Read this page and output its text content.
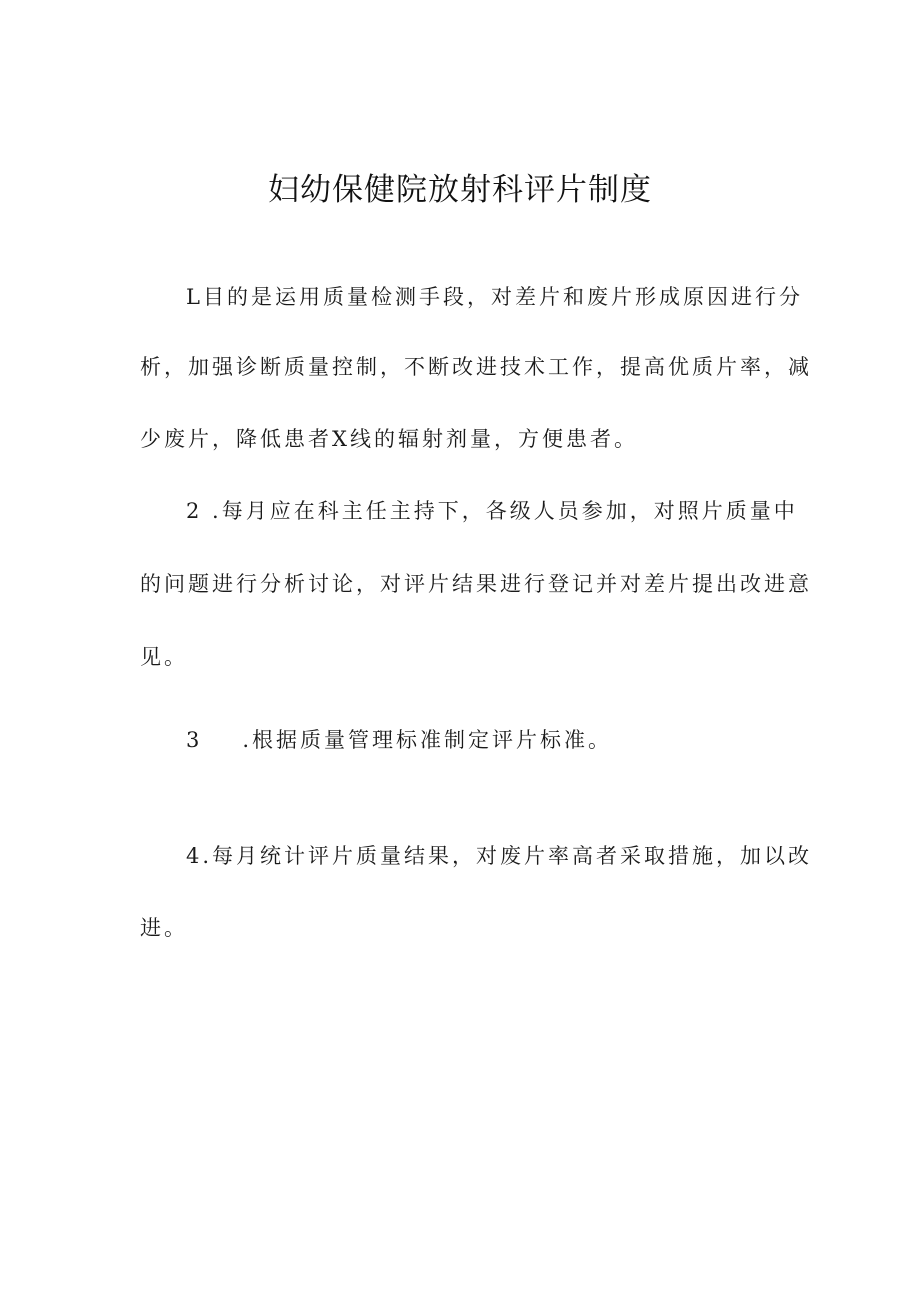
妇幼保健院放射科评片制度
L目的是运用质量检测手段，对差片和废片形成原因进行分
析，加强诊断质量控制，不断改进技术工作，提高优质片率，减
少废片，降低患者X线的辐射剂量，方便患者。
2 .每月应在科主任主持下，各级人员参加，对照片质量中
的问题进行分析讨论，对评片结果进行登记并对差片提出改进意
见。
3 .根据质量管理标准制定评片标准。
4.每月统计评片质量结果，对废片率高者采取措施，加以改
进。
